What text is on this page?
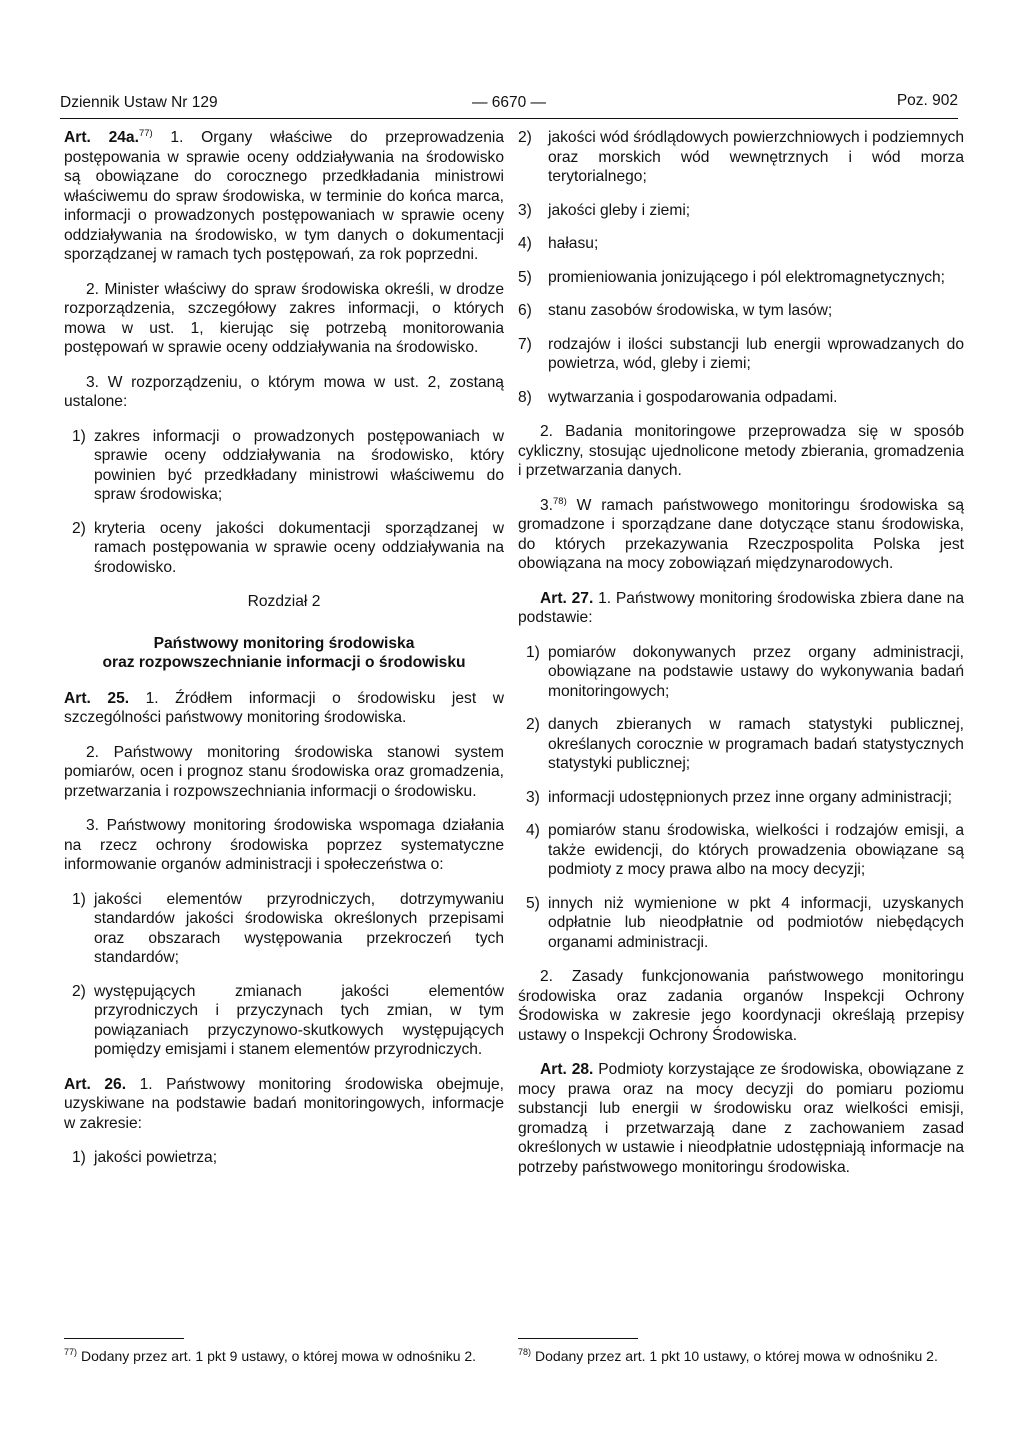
Dziennik Ustaw Nr 129	— 6670 —	Poz. 902

Art. 24a.$^{77)}$ 1. Organy właściwe do przeprowadzenia postępowania w sprawie oceny oddziaływania na środowisko są obowiązane do corocznego przedkładania ministrowi właściwemu do spraw środowiska, w terminie do końca marca, informacji o prowadzonych postępowaniach w sprawie oceny oddziaływania na środowisko, w tym danych o dokumentacji sporządzanej w ramach tych postępowań, za rok poprzedni.

2. Minister właściwy do spraw środowiska określi, w drodze rozporządzenia, szczegółowy zakres informacji, o których mowa w ust. 1, kierując się potrzebą monitorowania postępowań w sprawie oceny oddziaływania na środowisko.

3. W rozporządzeniu, o którym mowa w ust. 2, zostaną ustalone:

1) zakres informacji o prowadzonych postępowaniach w sprawie oceny oddziaływania na środowisko, który powinien być przedkładany ministrowi właściwemu do spraw środowiska;
2) kryteria oceny jakości dokumentacji sporządzanej w ramach postępowania w sprawie oceny oddziaływania na środowisko.
Rozdział 2
Państwowy monitoring środowiska
oraz rozpowszechnianie informacji o środowisku

Art. 25. 1. Źródłem informacji o środowisku jest w szczególności państwowy monitoring środowiska.

2. Państwowy monitoring środowiska stanowi system pomiarów, ocen i prognoz stanu środowiska oraz gromadzenia, przetwarzania i rozpowszechniania informacji o środowisku.

3. Państwowy monitoring środowiska wspomaga działania na rzecz ochrony środowiska poprzez systematyczne informowanie organów administracji i społeczeństwa o:

1) jakości elementów przyrodniczych, dotrzymywaniu standardów jakości środowiska określonych przepisami oraz obszarach występowania przekroczeń tych standardów;
2) występujących zmianach jakości elementów przyrodniczych i przyczynach tych zmian, w tym powiązaniach przyczynowo-skutkowych występujących pomiędzy emisjami i stanem elementów przyrodniczych.

Art. 26. 1. Państwowy monitoring środowiska obejmuje, uzyskiwane na podstawie badań monitoringowych, informacje w zakresie:

1) jakości powietrza;
$^{77)}$ Dodany przez art. 1 pkt 9 ustawy, o której mowa w odnośniku 2.
2)	jakości wód śródlądowych powierzchniowych i podziemnych oraz morskich wód wewnętrznych i wód morza terytorialnego;
3)	jakości gleby i ziemi;
4)	hałasu;
5)	promieniowania jonizującego i pól elektromagnetycznych;
6)	stanu zasobów środowiska, w tym lasów;
7)	rodzajów i ilości substancji lub energii wprowadzanych do powietrza, wód, gleby i ziemi;
8)	wytwarzania i gospodarowania odpadami.

2. Badania monitoringowe przeprowadza się w sposób cykliczny, stosując ujednolicone metody zbierania, gromadzenia i przetwarzania danych.

3.$^{78)}$ W ramach państwowego monitoringu środowiska są gromadzone i sporządzane dane dotyczące stanu środowiska, do których przekazywania Rzeczpospolita Polska jest obowiązana na mocy zobowiązań międzynarodowych.

Art. 27. 1. Państwowy monitoring środowiska zbiera dane na podstawie:

1) pomiarów dokonywanych przez organy administracji, obowiązane na podstawie ustawy do wykonywania badań monitoringowych;
2) danych zbieranych w ramach statystyki publicznej, określanych corocznie w programach badań statystycznych statystyki publicznej;
3) informacji udostępnionych przez inne organy administracji;
4) pomiarów stanu środowiska, wielkości i rodzajów emisji, a także ewidencji, do których prowadzenia obowiązane są podmioty z mocy prawa albo na mocy decyzji;
5) innych niż wymienione w pkt 4 informacji, uzyskanych odpłatnie lub nieodpłatnie od podmiotów niebędących organami administracji.

2. Zasady funkcjonowania państwowego monitoringu środowiska oraz zadania organów Inspekcji Ochrony Środowiska w zakresie jego koordynacji określają przepisy ustawy o Inspekcji Ochrony Środowiska.

Art. 28. Podmioty korzystające ze środowiska, obowiązane z mocy prawa oraz na mocy decyzji do pomiaru poziomu substancji lub energii w środowisku oraz wielkości emisji, gromadzą i przetwarzają dane z zachowaniem zasad określonych w ustawie i nieodpłatnie udostępniają informacje na potrzeby państwowego monitoringu środowiska.

$^{78)}$ Dodany przez art. 1 pkt 10 ustawy, o której mowa w odnośniku 2.
